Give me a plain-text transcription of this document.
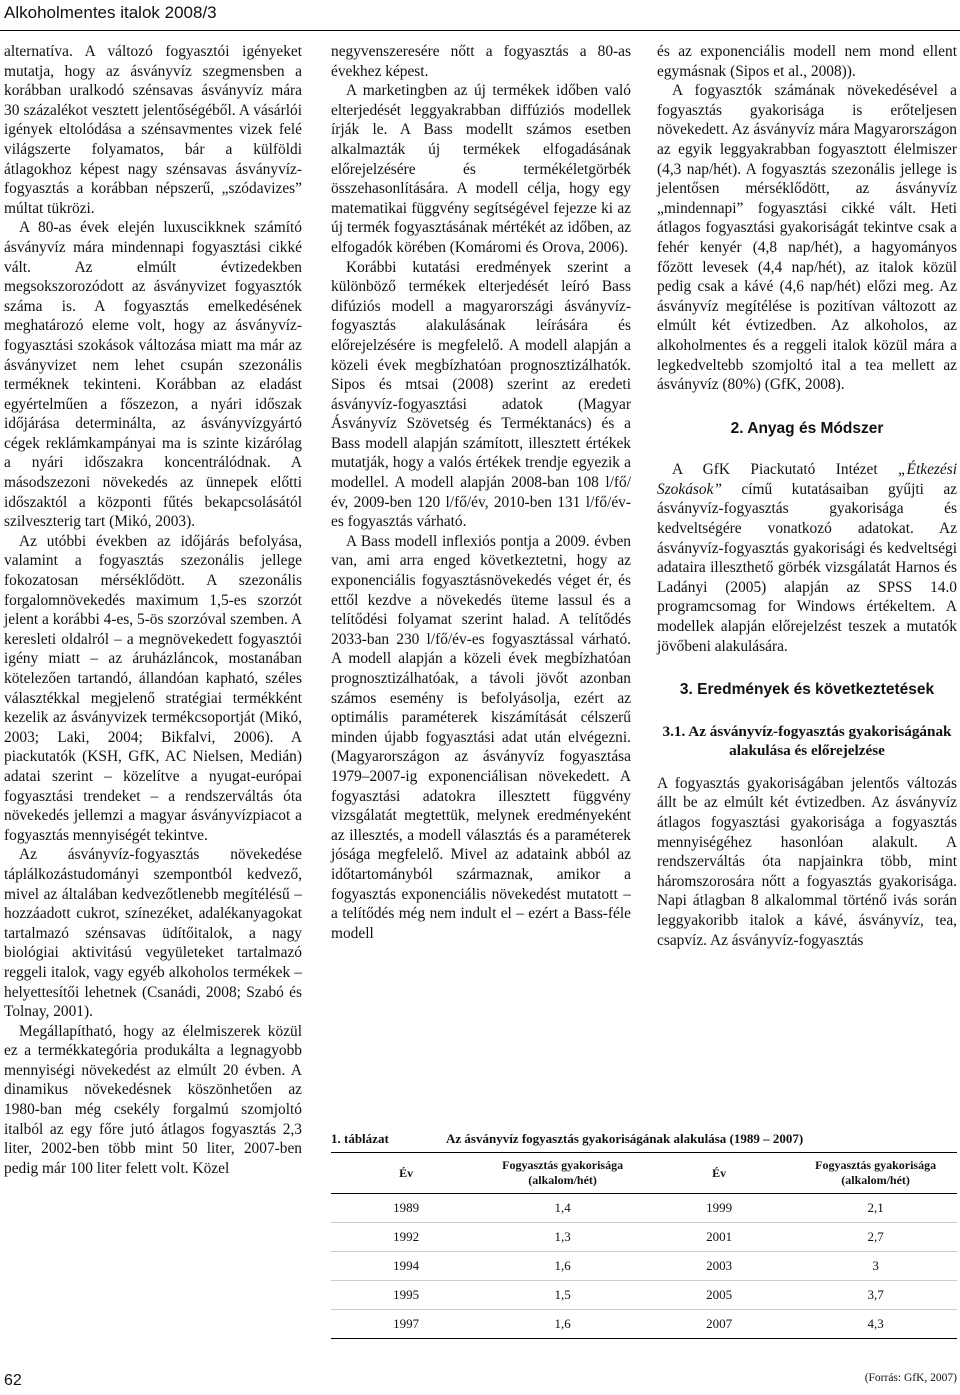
Alkoholmentes italok 2008/3

alternatíva. A változó fogyasztói igényeket mutatja, hogy az ásványvíz szegmensben a korábban uralkodó szénsavas ásványvíz mára 30 százalékot vesztett jelentőségéből. A vásárlói igények eltolódása a szénsavmentes vizek felé világszerte folyamatos, bár a külföldi átlagokhoz képest nagy szénsavas ásványvíz-fogyasztás a korábban népszerű, „szódavizes” múltat tükrözi.

A 80-as évek elején luxuscikknek számító ásványvíz mára mindennapi fogyasztási cikké vált. Az elmúlt évtizedekben megsokszorozódott az ásványvizet fogyasztók száma is. A fogyasztás emelkedésének meghatározó eleme volt, hogy az ásványvíz-fogyasztási szokások változása miatt ma már az ásványvizet nem lehet csupán szezonális terméknek tekinteni. Korábban az eladást egyértelműen a főszezon, a nyári időszak időjárása determinálta, az ásványvízgyártó cégek reklámkampányai ma is szinte kizárólag a nyári időszakra koncentrálódnak. A másodszezoni növekedés az ünnepek előtti időszaktól a központi fűtés bekapcsolásától szilveszterig tart (Mikó, 2003).

Az utóbbi években az időjárás befolyása, valamint a fogyasztás szezonális jellege fokozatosan mérséklődött. A szezonális forgalomnövekedés maximum 1,5-es szorzót jelent a korábbi 4-es, 5-ös szorzóval szemben. A keresleti oldalról – a megnövekedett fogyasztói igény miatt – az áruházláncok, mostanában kötelezően tartandó, állandóan kapható, széles választékkal megjelenő stratégiai termékként kezelik az ásványvizek termékcsoportját (Mikó, 2003; Laki, 2004; Bikfalvi, 2006). A piackutatók (KSH, GfK, AC Nielsen, Medián) adatai szerint – közelítve a nyugat-európai fogyasztási trendeket – a rendszerváltás óta növekedés jellemzi a magyar ásványvízpiacot a fogyasztás mennyiségét tekintve.

Az ásványvíz-fogyasztás növekedése táplálkozástudományi szempontból kedvező, mivel az általában kedvezőtlenebb megítélésű – hozzáadott cukrot, színezéket, adalékanyagokat tartalmazó szénsavas üdítőitalok, a nagy biológiai aktivitású vegyületeket tartalmazó reggeli italok, vagy egyéb alkoholos termékek – helyettesítői lehetnek (Csanádi, 2008; Szabó és Tolnay, 2001).

Megállapítható, hogy az élelmiszerek közül ez a termékkategória produkálta a legnagyobb mennyiségi növekedést az elmúlt 20 évben. A dinamikus növekedésnek köszönhetően az 1980-ban még csekély forgalmú szomjoltó italból az egy főre jutó átlagos fogyasztás 2,3 liter, 2002-ben több mint 50 liter, 2007-ben pedig már 100 liter felett volt. Közel

negyvenszeresére nőtt a fogyasztás a 80-as évekhez képest.

A marketingben az új termékek időben való elterjedését leggyakrabban diffúziós modellek írják le. A Bass modellt számos esetben alkalmazták új termékek elfogadásának előrejelzésére és termékéletgörbék összehasonlítására. A modell célja, hogy egy matematikai függvény segítségével fejezze ki az új termék fogyasztásának mértékét az időben, az elfogadók körében (Komáromi és Orova, 2006).

Korábbi kutatási eredmények szerint a különböző termékek elterjedését leíró Bass difúziós modell a magyarországi ásványvíz-fogyasztás alakulásának leírására és előrejelzésére is megfelelő. A modell alapján a közeli évek megbízhatóan prognosztizálhatók. Sipos és mtsai (2008) szerint az eredeti ásványvíz-fogyasztási adatok (Magyar Ásványvíz Szövetség és Terméktanács) és a Bass modell alapján számított, illesztett értékek mutatják, hogy a valós értékek trendje egyezik a modellel. A modell alapján 2008-ban 108 l/fő/év, 2009-ben 120 l/fő/év, 2010-ben 131 l/fő/év-es fogyasztás várható.

A Bass modell inflexiós pontja a 2009. évben van, ami arra enged következtetni, hogy az exponenciális fogyasztásnövekedés véget ér, és ettől kezdve a növekedés üteme lassul és a telítődési folyamat szerint halad. A telítődés 2033-ban 230 l/fő/év-es fogyasztással várható. A modell alapján a közeli évek megbízhatóan prognosztizálhatóak, a távoli jövőt azonban számos esemény is befolyásolja, ezért az optimális paraméterek kiszámítását célszerű minden újabb fogyasztási adat után elvégezni. (Magyarországon az ásványvíz fogyasztása 1979–2007-ig exponenciálisan növekedett. A fogyasztási adatokra illesztett függvény vizsgálatát megtettük, melynek eredményeként az illesztés, a modell választás és a paraméterek jósága megfelelő. Mivel az adataink abból az időtartományból származnak, amikor a fogyasztás exponenciális növekedést mutatott – a telítődés még nem indult el – ezért a Bass-féle modell

és az exponenciális modell nem mond ellent egymásnak (Sipos et al., 2008)).

A fogyasztók számának növekedésével a fogyasztás gyakorisága is erőteljesen növekedett. Az ásványvíz mára Magyarországon az egyik leggyakrabban fogyasztott élelmiszer (4,3 nap/hét). A fogyasztás szezonális jellege is jelentősen mérséklődött, az ásványvíz „mindennapi” fogyasztási cikké vált. Heti átlagos fogyasztási gyakoriságát tekintve csak a fehér kenyér (4,8 nap/hét), a hagyományos főzött levesek (4,4 nap/hét), az italok közül pedig csak a kávé (4,6 nap/hét) előzi meg. Az ásványvíz megítélése is pozitívan változott az elmúlt két évtizedben. Az alkoholos, az alkoholmentes és a reggeli italok közül mára a legkedveltebb szomjoltó ital a tea mellett az ásványvíz (80%) (GfK, 2008).

2. Anyag és Módszer

A GfK Piackutató Intézet „Étkezési Szokások” című kutatásaiban gyűjti az ásványvíz-fogyasztás gyakorisága és kedveltségére vonatkozó adatokat. Az ásványvíz-fogyasztás gyakorisági és kedveltségi adataira illeszthető görbék vizsgálatát Harnos és Ladányi (2005) alapján az SPSS 14.0 programcsomag for Windows értékeltem. A modellek alapján előrejelzést teszek a mutatók jövőbeni alakulására.

3. Eredmények és következtetések
3.1. Az ásványvíz-fogyasztás gyakoriságának alakulása és előrejelzése

A fogyasztás gyakoriságában jelentős változás állt be az elmúlt két évtizedben. Az ásványvíz átlagos fogyasztási gyakorisága a fogyasztás mennyiségéhez hasonlóan alakult. A rendszerváltás óta napjainkra több, mint háromszorosára nőtt a fogyasztás gyakorisága. Napi átlagban 8 alkalommal történő ivás során leggyakoribb italok a kávé, ásványvíz, tea, csapvíz. Az ásványvíz-fogyasztás

1. táblázat	Az ásványvíz fogyasztás gyakoriságának alakulása (1989 – 2007)
Év	Fogyasztás gyakorisága (alkalom/hét)	Év	Fogyasztás gyakorisága (alkalom/hét)
1989	1,4	1999	2,1
1992	1,3	2001	2,7
1994	1,6	2003	3
1995	1,5	2005	3,7
1997	1,6	2007	4,3
(Forrás: GfK, 2007)
62
